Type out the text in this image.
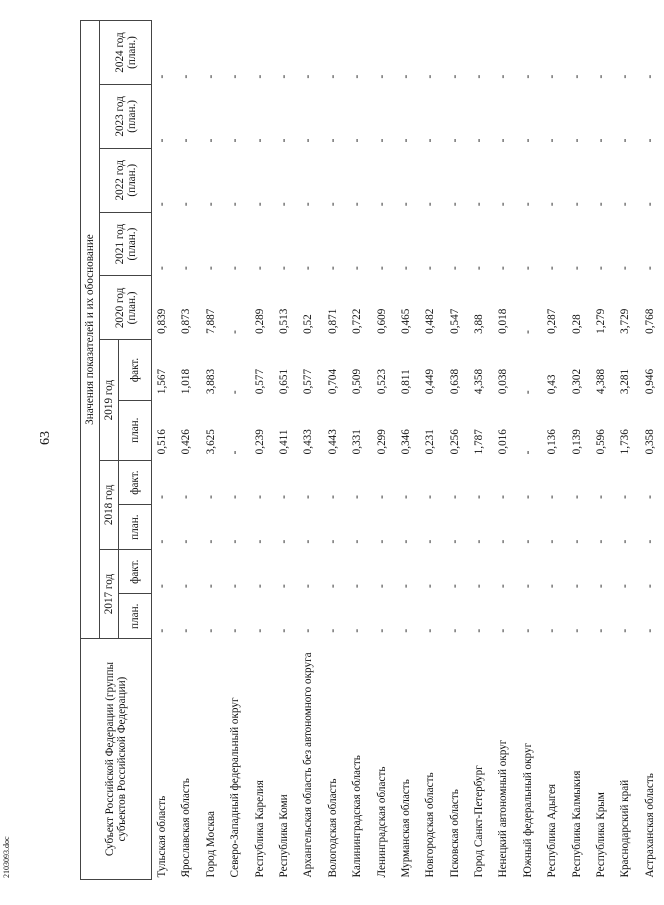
63
2103093.doc
Субъект Российской Федерации (группы субъектов Российской Федерации)	Значения показателей и их обоснование										
	2017 год		2018 год		2019 год		2020 год (план.)	2021 год (план.)	2022 год (план.)	2023 год (план.)	2024 год (план.)
	план.	факт.	план.	факт.	план.	факт.					
Тульская область	-	-	-	-	0,516	1,567	0,839	-	-	-	-
Ярославская область	-	-	-	-	0,426	1,018	0,873	-	-	-	-
Город Москва	-	-	-	-	3,625	3,883	7,887	-	-	-	-
Северо-Западный федеральный округ	-	-	-	-	-	-	-	-	-	-	-
Республика Карелия	-	-	-	-	0,239	0,577	0,289	-	-	-	-
Республика Коми	-	-	-	-	0,411	0,651	0,513	-	-	-	-
Архангельская область без автономного округа	-	-	-	-	0,433	0,577	0,52	-	-	-	-
Вологодская область	-	-	-	-	0,443	0,704	0,871	-	-	-	-
Калининградская область	-	-	-	-	0,331	0,509	0,722	-	-	-	-
Ленинградская область	-	-	-	-	0,299	0,523	0,609	-	-	-	-
Мурманская область	-	-	-	-	0,346	0,811	0,465	-	-	-	-
Новгородская область	-	-	-	-	0,231	0,449	0,482	-	-	-	-
Псковская область	-	-	-	-	0,256	0,638	0,547	-	-	-	-
Город Санкт-Петербург	-	-	-	-	1,787	4,358	3,88	-	-	-	-
Ненецкий автономный округ	-	-	-	-	0,016	0,038	0,018	-	-	-	-
Южный федеральный округ	-	-	-	-	-	-	-	-	-	-	-
Республика Адыгея	-	-	-	-	0,136	0,43	0,287	-	-	-	-
Республика Калмыкия	-	-	-	-	0,139	0,302	0,28	-	-	-	-
Республика Крым	-	-	-	-	0,596	4,388	1,279	-	-	-	-
Краснодарский край	-	-	-	-	1,736	3,281	3,729	-	-	-	-
Астраханская область	-	-	-	-	0,358	0,946	0,768	-	-	-	-
